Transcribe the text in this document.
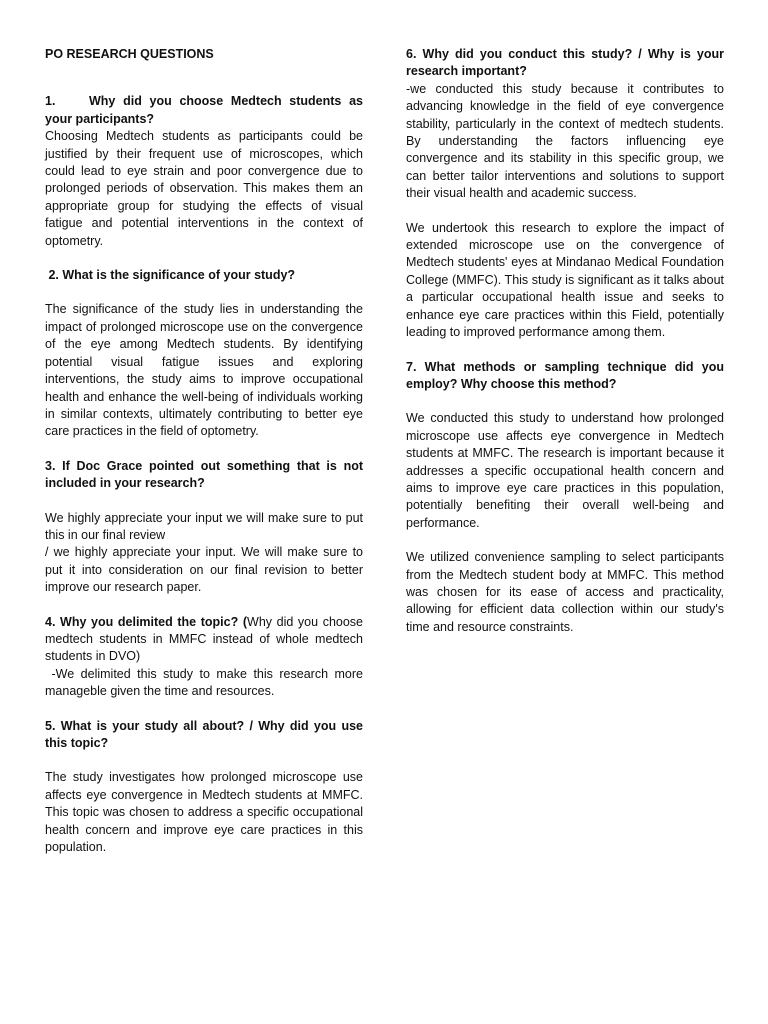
PO RESEARCH QUESTIONS
1.	Why did you choose Medtech students as your participants?

Choosing Medtech students as participants could be justified by their frequent use of microscopes, which could lead to eye strain and poor convergence due to prolonged periods of observation. This makes them an appropriate group for studying the effects of visual fatigue and potential interventions in the context of optometry.

2. What is the significance of your study?

The significance of the study lies in understanding the impact of prolonged microscope use on the convergence of the eye among Medtech students. By identifying potential visual fatigue issues and exploring interventions, the study aims to improve occupational health and enhance the well-being of individuals working in similar contexts, ultimately contributing to better eye care practices in the field of optometry.

3. If Doc Grace pointed out something that is not included in your research?

We highly appreciate your input we will make sure to put this in our final review

/ we highly appreciate your input. We will make sure to put it into consideration on our final revision to better improve our research paper.

4. Why you delimited the topic? (Why did you choose medtech students in MMFC instead of whole medtech students in DVO)

-We delimited this study to make this research more manageble given the time and resources.

5. What is your study all about? / Why did you use this topic?

The study investigates how prolonged microscope use affects eye convergence in Medtech students at MMFC. This topic was chosen to address a specific occupational health concern and improve eye care practices in this population.

6. Why did you conduct this study? / Why is your research important?

-we conducted this study because it contributes to advancing knowledge in the field of eye convergence stability, particularly in the context of medtech students. By understanding the factors influencing eye convergence and its stability in this specific group, we can better tailor interventions and solutions to support their visual health and academic success.

We undertook this research to explore the impact of extended microscope use on the convergence of Medtech students' eyes at Mindanao Medical Foundation College (MMFC). This study is significant as it talks about a particular occupational health issue and seeks to enhance eye care practices within this Field, potentially leading to improved performance among them.

7. What methods or sampling technique did you employ? Why choose this method?

We conducted this study to understand how prolonged microscope use affects eye convergence in Medtech students at MMFC. The research is important because it addresses a specific occupational health concern and aims to improve eye care practices in this population, potentially benefiting their overall well-being and performance.

We utilized convenience sampling to select participants from the Medtech student body at MMFC. This method was chosen for its ease of access and practicality, allowing for efficient data collection within our study's time and resource constraints.
